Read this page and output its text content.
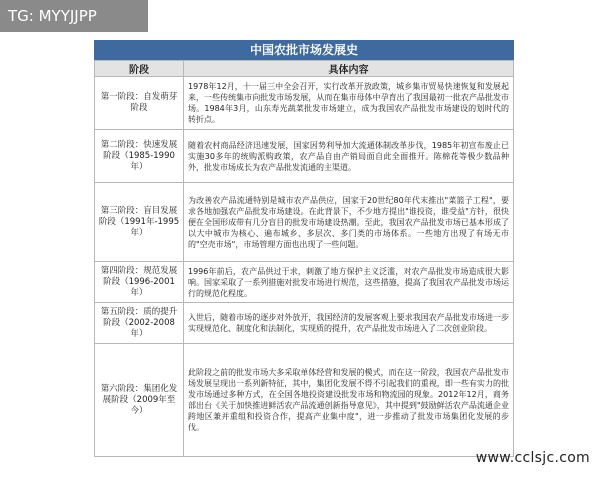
TG: MYYJJPP
中国农批市场发展史
阶段	具体内容
第一阶段：自发萌芽阶段	1978年12月，十一届三中全会召开，实行改革开放政策，城乡集市贸易快速恢复和发展起来，一些传统集市向批发市场发展，从而在集市母体中孕育出了我国最初一批农产品批发市场。1984年3月，山东寿光蔬菜批发市场建立，成为我国农产品批发市场建设的划时代的转折点。
第二阶段：快速发展阶段（1985-1990年）	随着农村商品经济迅速发展，国家因势利导加大流通体制改革步伐，1985年初宣布废止已实施30多年的统购派购政策，农产品自由产销局面自此全面推开。陈棉花等极少数品种外，批发市场成长为农产品批发流通的主渠道。
第三阶段：盲目发展阶段（1991年-1995年）	为改善农产品流通特别是城市农产品供应，国家于20世纪80年代末推出"菜篮子工程"，要求各地加强农产品批发市场建设。在此背景下，不少地方提出"谁投资，谁受益"方针，很快便在全国形成带有几分盲目的批发市场建设热潮。至此，我国农产品批发市场已基本形成了以大中城市为核心、遍布城乡、多层次、多门类的市场体系。一些地方出现了有场无市的"空壳市场"，市场管理方面也出现了一些问题。
第四阶段：规范发展阶段（1996-2001年）	1996年前后，农产品供过于求，刺激了地方保护主义泛滥，对农产品批发市场造成很大影响。国家采取了一系列措施对批发市场进行规范，这些措施，提高了我国农产品批发市场运行的规范化程度。
第五阶段：质的提升阶段（2002-2008年）	入世后，随着市场的逐步对外放开，我国经济的发展客观上要求我国农产品批发市场进一步实现规范化、制度化和法制化，实现质的提升，农产品批发市场进入了二次创业阶段。
第六阶段：集团化发展阶段（2009年至今）	此阶段之前的批发市场大多采取单体经营和发展的模式，而在这一阶段，我国农产品批发市场发展呈现出一系列新特征，其中，集团化发展不得不引起我们的重视，即一些有实力的批发市场通过多种方式，在全国各地投资建设批发市场和物流园的现象。2012年12月，商务部出台《关于加快推进鲜活农产品流通创新指导意见》，其中提到"鼓励鲜活农产品流通企业跨地区兼并重组和投资合作，提高产业集中度"，进一步推动了批发市场集团化发展的步伐。
www.cclsjc.com
